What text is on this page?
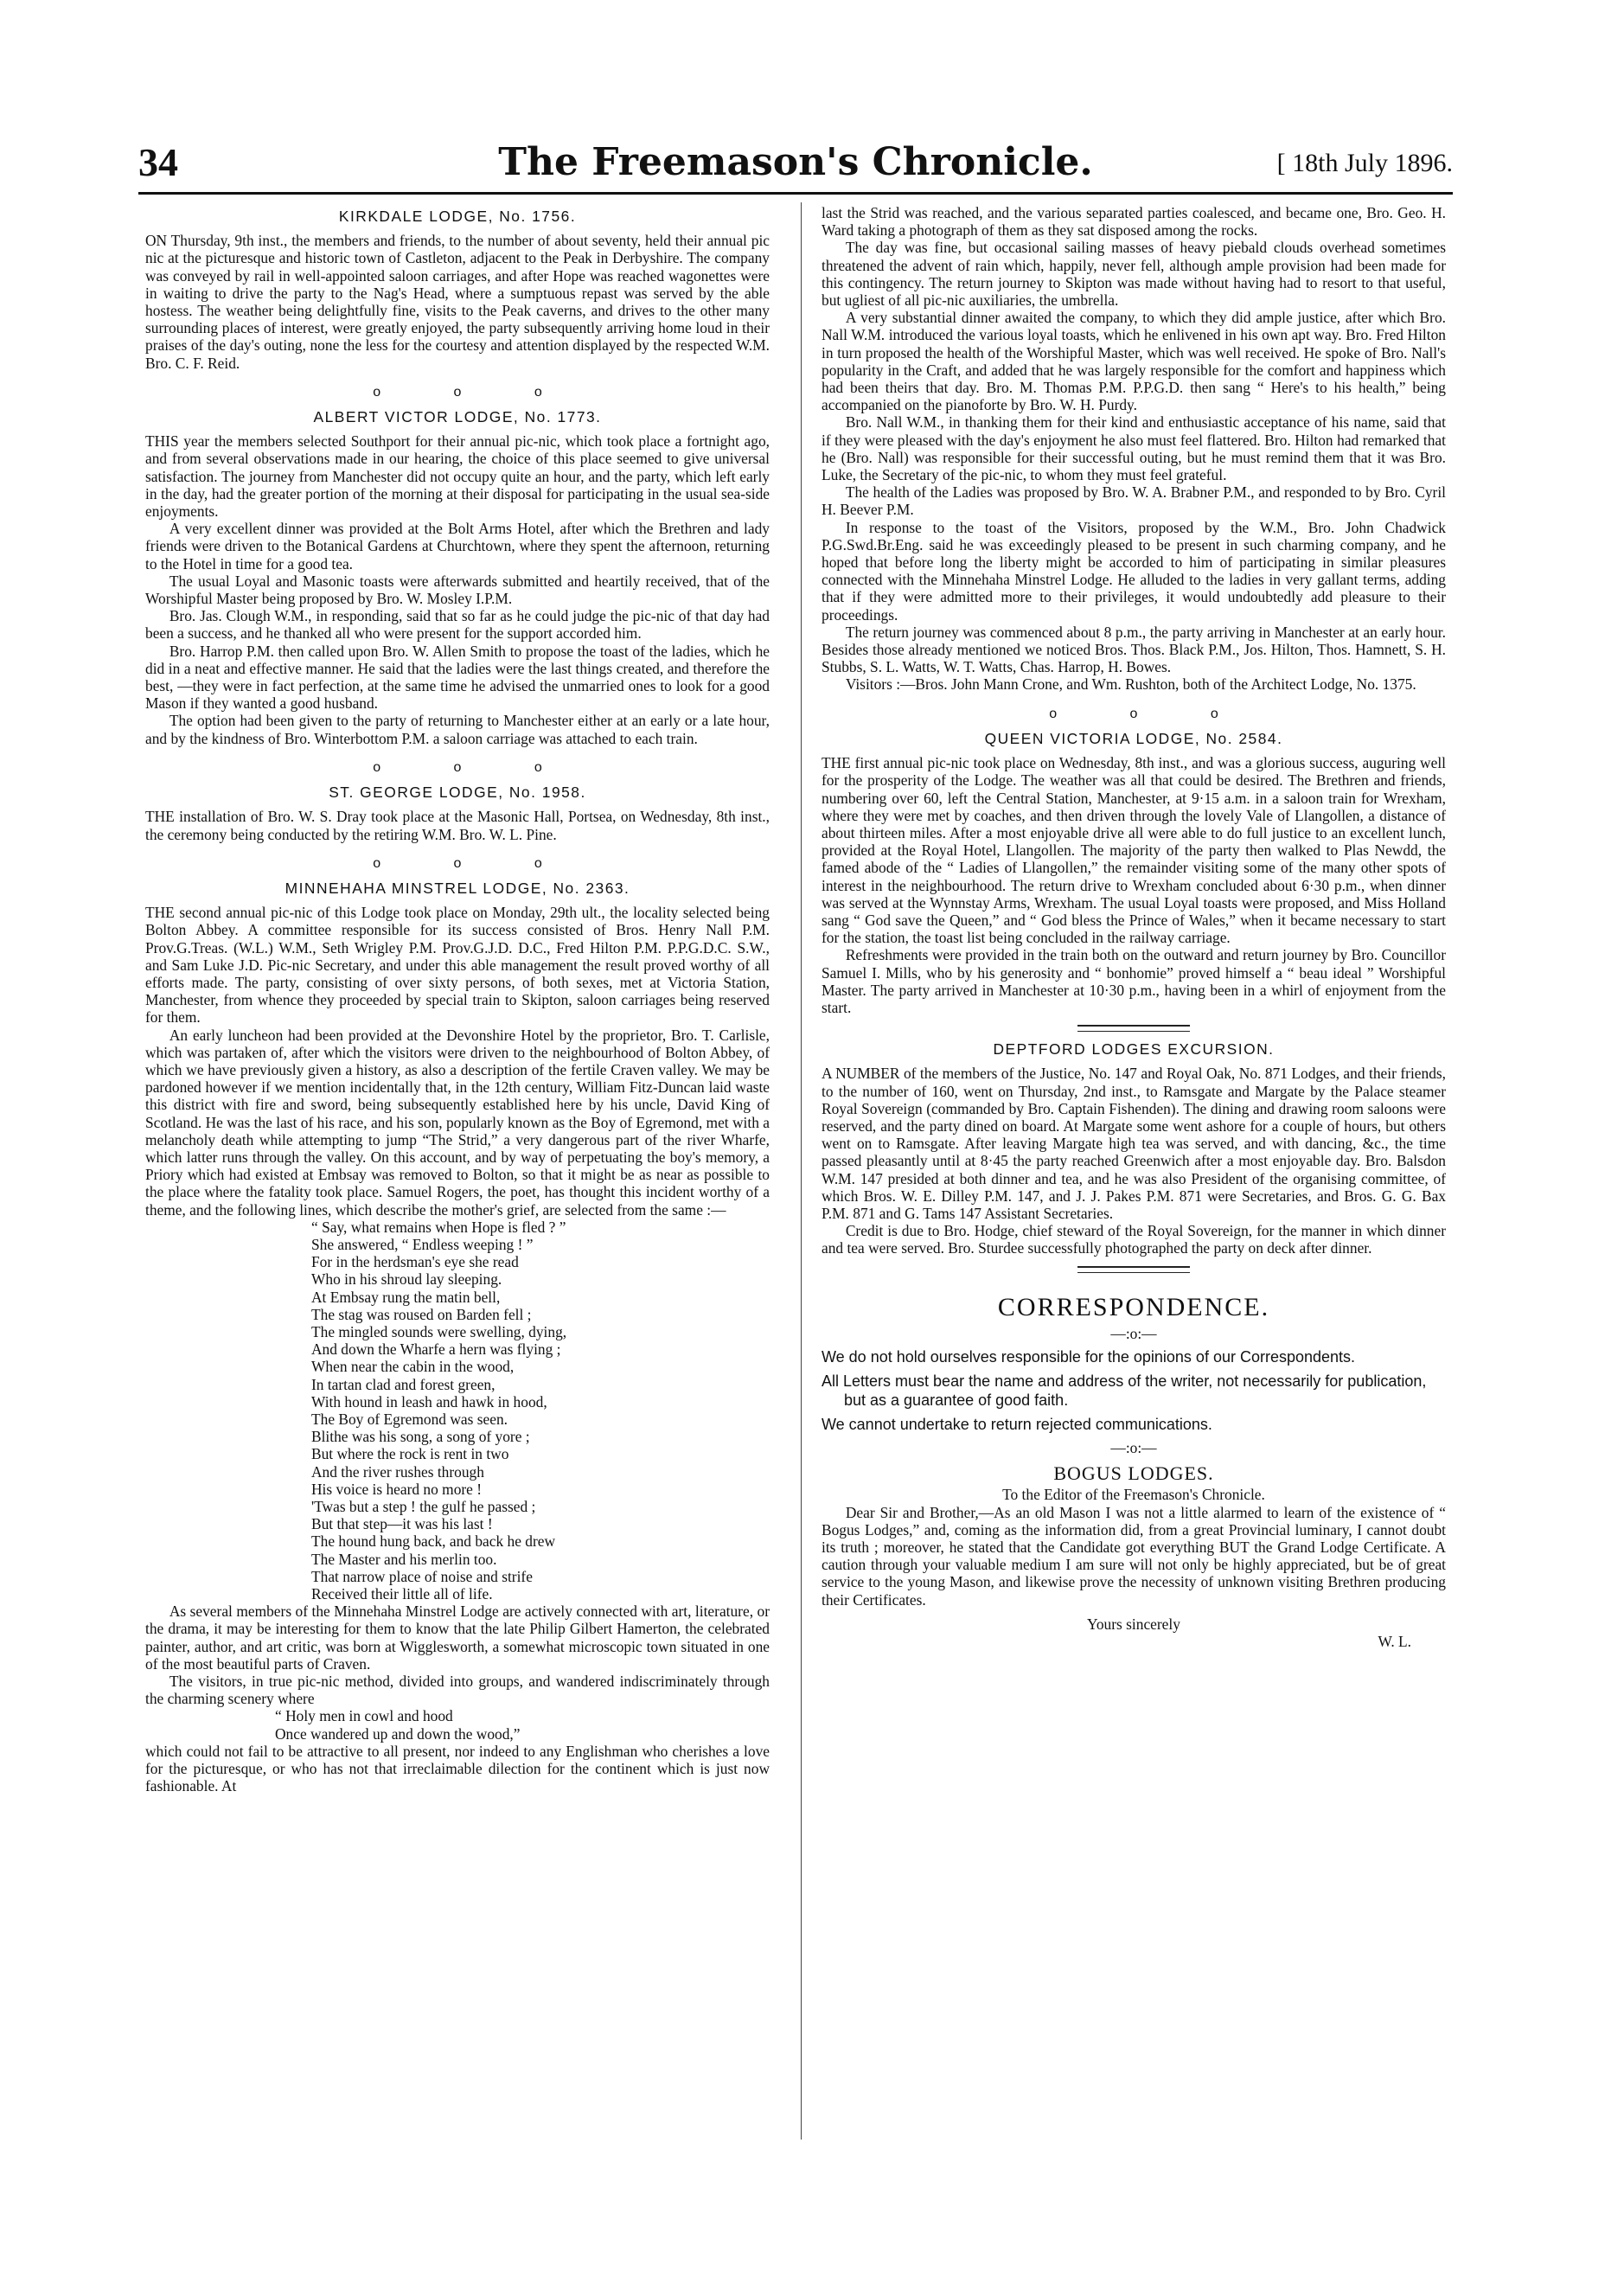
34	The Freemason's Chronicle.	[ 18th July 1896.
KIRKDALE LODGE, No. 1756.

ON Thursday, 9th inst., the members and friends, to the number of about seventy, held their annual pic nic at the picturesque and historic town of Castleton, adjacent to the Peak in Derbyshire. The company was conveyed by rail in well-appointed saloon carriages, and after Hope was reached wagonettes were in waiting to drive the party to the Nag's Head, where a sumptuous repast was served by the able hostess. The weather being delightfully fine, visits to the Peak caverns, and drives to the other many surrounding places of interest, were greatly enjoyed, the party subsequently arriving home loud in their praises of the day's outing, none the less for the courtesy and attention displayed by the respected W.M. Bro. C. F. Reid.

o o o
ALBERT VICTOR LODGE, No. 1773.

THIS year the members selected Southport for their annual pic-nic, which took place a fortnight ago, and from several observations made in our hearing, the choice of this place seemed to give universal satisfaction. The journey from Manchester did not occupy quite an hour, and the party, which left early in the day, had the greater portion of the morning at their disposal for participating in the usual sea-side enjoyments.

A very excellent dinner was provided at the Bolt Arms Hotel, after which the Brethren and lady friends were driven to the Botanical Gardens at Churchtown, where they spent the afternoon, returning to the Hotel in time for a good tea.

The usual Loyal and Masonic toasts were afterwards submitted and heartily received, that of the Worshipful Master being proposed by Bro. W. Mosley I.P.M.

Bro. Jas. Clough W.M., in responding, said that so far as he could judge the pic-nic of that day had been a success, and he thanked all who were present for the support accorded him.

Bro. Harrop P.M. then called upon Bro. W. Allen Smith to propose the toast of the ladies, which he did in a neat and effective manner. He said that the ladies were the last things created, and therefore the best, —they were in fact perfection, at the same time he advised the unmarried ones to look for a good Mason if they wanted a good husband.

The option had been given to the party of returning to Manchester either at an early or a late hour, and by the kindness of Bro. Winterbottom P.M. a saloon carriage was attached to each train.

o o o
ST. GEORGE LODGE, No. 1958.

THE installation of Bro. W. S. Dray took place at the Masonic Hall, Portsea, on Wednesday, 8th inst., the ceremony being conducted by the retiring W.M. Bro. W. L. Pine.

o o o
MINNEHAHA MINSTREL LODGE, No. 2363.

THE second annual pic-nic of this Lodge took place on Monday, 29th ult., the locality selected being Bolton Abbey. A committee responsible for its success consisted of Bros. Henry Nall P.M. Prov.G.Treas. (W.L.) W.M., Seth Wrigley P.M. Prov.G.J.D. D.C., Fred Hilton P.M. P.P.G.D.C. S.W., and Sam Luke J.D. Pic-nic Secretary, and under this able management the result proved worthy of all efforts made. The party, consisting of over sixty persons, of both sexes, met at Victoria Station, Manchester, from whence they proceeded by special train to Skipton, saloon carriages being reserved for them.

An early luncheon had been provided at the Devonshire Hotel by the proprietor, Bro. T. Carlisle, which was partaken of, after which the visitors were driven to the neighbourhood of Bolton Abbey, of which we have previously given a history, as also a description of the fertile Craven valley. We may be pardoned however if we mention incidentally that, in the 12th century, William Fitz-Duncan laid waste this district with fire and sword, being subsequently established here by his uncle, David King of Scotland. He was the last of his race, and his son, popularly known as the Boy of Egremond, met with a melancholy death while attempting to jump “The Strid,” a very dangerous part of the river Wharfe, which latter runs through the valley. On this account, and by way of perpetuating the boy's memory, a Priory which had existed at Embsay was removed to Bolton, so that it might be as near as possible to the place where the fatality took place. Samuel Rogers, the poet, has thought this incident worthy of a theme, and the following lines, which describe the mother's grief, are selected from the same :—

“ Say, what remains when Hope is fled ? ”
She answered, “ Endless weeping ! ”
For in the herdsman's eye she read
Who in his shroud lay sleeping.
At Embsay rung the matin bell,
The stag was roused on Barden fell ;
The mingled sounds were swelling, dying,
And down the Wharfe a hern was flying ;
When near the cabin in the wood,
In tartan clad and forest green,
With hound in leash and hawk in hood,
The Boy of Egremond was seen.
Blithe was his song, a song of yore ;
But where the rock is rent in two
And the river rushes through
His voice is heard no more !
'Twas but a step ! the gulf he passed ;
But that step—it was his last !
The hound hung back, and back he drew
The Master and his merlin too.
That narrow place of noise and strife
Received their little all of life.

As several members of the Minnehaha Minstrel Lodge are actively connected with art, literature, or the drama, it may be interesting for them to know that the late Philip Gilbert Hamerton, the celebrated painter, author, and art critic, was born at Wigglesworth, a somewhat microscopic town situated in one of the most beautiful parts of Craven.

The visitors, in true pic-nic method, divided into groups, and wandered indiscriminately through the charming scenery where

“ Holy men in cowl and hood
Once wandered up and down the wood,”

which could not fail to be attractive to all present, nor indeed to any Englishman who cherishes a love for the picturesque, or who has not that irreclaimable dilection for the continent which is just now fashionable. At

last the Strid was reached, and the various separated parties coalesced, and became one, Bro. Geo. H. Ward taking a photograph of them as they sat disposed among the rocks.

The day was fine, but occasional sailing masses of heavy piebald clouds overhead sometimes threatened the advent of rain which, happily, never fell, although ample provision had been made for this contingency. The return journey to Skipton was made without having had to resort to that useful, but ugliest of all pic-nic auxiliaries, the umbrella.

A very substantial dinner awaited the company, to which they did ample justice, after which Bro. Nall W.M. introduced the various loyal toasts, which he enlivened in his own apt way. Bro. Fred Hilton in turn proposed the health of the Worshipful Master, which was well received. He spoke of Bro. Nall's popularity in the Craft, and added that he was largely responsible for the comfort and happiness which had been theirs that day. Bro. M. Thomas P.M. P.P.G.D. then sang “ Here's to his health,” being accompanied on the pianoforte by Bro. W. H. Purdy.

Bro. Nall W.M., in thanking them for their kind and enthusiastic acceptance of his name, said that if they were pleased with the day's enjoyment he also must feel flattered. Bro. Hilton had remarked that he (Bro. Nall) was responsible for their successful outing, but he must remind them that it was Bro. Luke, the Secretary of the pic-nic, to whom they must feel grateful.

The health of the Ladies was proposed by Bro. W. A. Brabner P.M., and responded to by Bro. Cyril H. Beever P.M.

In response to the toast of the Visitors, proposed by the W.M., Bro. John Chadwick P.G.Swd.Br.Eng. said he was exceedingly pleased to be present in such charming company, and he hoped that before long the liberty might be accorded to him of participating in similar pleasures connected with the Minnehaha Minstrel Lodge. He alluded to the ladies in very gallant terms, adding that if they were admitted more to their privileges, it would undoubtedly add pleasure to their proceedings.

The return journey was commenced about 8 p.m., the party arriving in Manchester at an early hour. Besides those already mentioned we noticed Bros. Thos. Black P.M., Jos. Hilton, Thos. Hamnett, S. H. Stubbs, S. L. Watts, W. T. Watts, Chas. Harrop, H. Bowes.

Visitors :—Bros. John Mann Crone, and Wm. Rushton, both of the Architect Lodge, No. 1375.

o o o
QUEEN VICTORIA LODGE, No. 2584.

THE first annual pic-nic took place on Wednesday, 8th inst., and was a glorious success, auguring well for the prosperity of the Lodge. The weather was all that could be desired. The Brethren and friends, numbering over 60, left the Central Station, Manchester, at 9·15 a.m. in a saloon train for Wrexham, where they were met by coaches, and then driven through the lovely Vale of Llangollen, a distance of about thirteen miles. After a most enjoyable drive all were able to do full justice to an excellent lunch, provided at the Royal Hotel, Llangollen. The majority of the party then walked to Plas Newdd, the famed abode of the “ Ladies of Llangollen,” the remainder visiting some of the many other spots of interest in the neighbourhood. The return drive to Wrexham concluded about 6·30 p.m., when dinner was served at the Wynnstay Arms, Wrexham. The usual Loyal toasts were proposed, and Miss Holland sang “ God save the Queen,” and “ God bless the Prince of Wales,” when it became necessary to start for the station, the toast list being concluded in the railway carriage.

Refreshments were provided in the train both on the outward and return journey by Bro. Councillor Samuel I. Mills, who by his generosity and “ bonhomie” proved himself a “ beau ideal ” Worshipful Master. The party arrived in Manchester at 10·30 p.m., having been in a whirl of enjoyment from the start.

DEPTFORD LODGES EXCURSION.

A NUMBER of the members of the Justice, No. 147 and Royal Oak, No. 871 Lodges, and their friends, to the number of 160, went on Thursday, 2nd inst., to Ramsgate and Margate by the Palace steamer Royal Sovereign (commanded by Bro. Captain Fishenden). The dining and drawing room saloons were reserved, and the party dined on board. At Margate some went ashore for a couple of hours, but others went on to Ramsgate. After leaving Margate high tea was served, and with dancing, &c., the time passed pleasantly until at 8·45 the party reached Greenwich after a most enjoyable day. Bro. Balsdon W.M. 147 presided at both dinner and tea, and he was also President of the organising committee, of which Bros. W. E. Dilley P.M. 147, and J. J. Pakes P.M. 871 were Secretaries, and Bros. G. G. Bax P.M. 871 and G. Tams 147 Assistant Secretaries.

Credit is due to Bro. Hodge, chief steward of the Royal Sovereign, for the manner in which dinner and tea were served. Bro. Sturdee successfully photographed the party on deck after dinner.

CORRESPONDENCE.
—:o:—
We do not hold ourselves responsible for the opinions of our Correspondents.
All Letters must bear the name and address of the writer, not necessarily for publication, but as a guarantee of good faith.
We cannot undertake to return rejected communications.
—:o:—
BOGUS LODGES.
To the Editor of the Freemason's Chronicle.

Dear Sir and Brother,—As an old Mason I was not a little alarmed to learn of the existence of “ Bogus Lodges,” and, coming as the information did, from a great Provincial luminary, I cannot doubt its truth ; moreover, he stated that the Candidate got everything BUT the Grand Lodge Certificate. A caution through your valuable medium I am sure will not only be highly appreciated, but be of great service to the young Mason, and likewise prove the necessity of unknown visiting Brethren producing their Certificates.

Yours sincerely
W. L.
